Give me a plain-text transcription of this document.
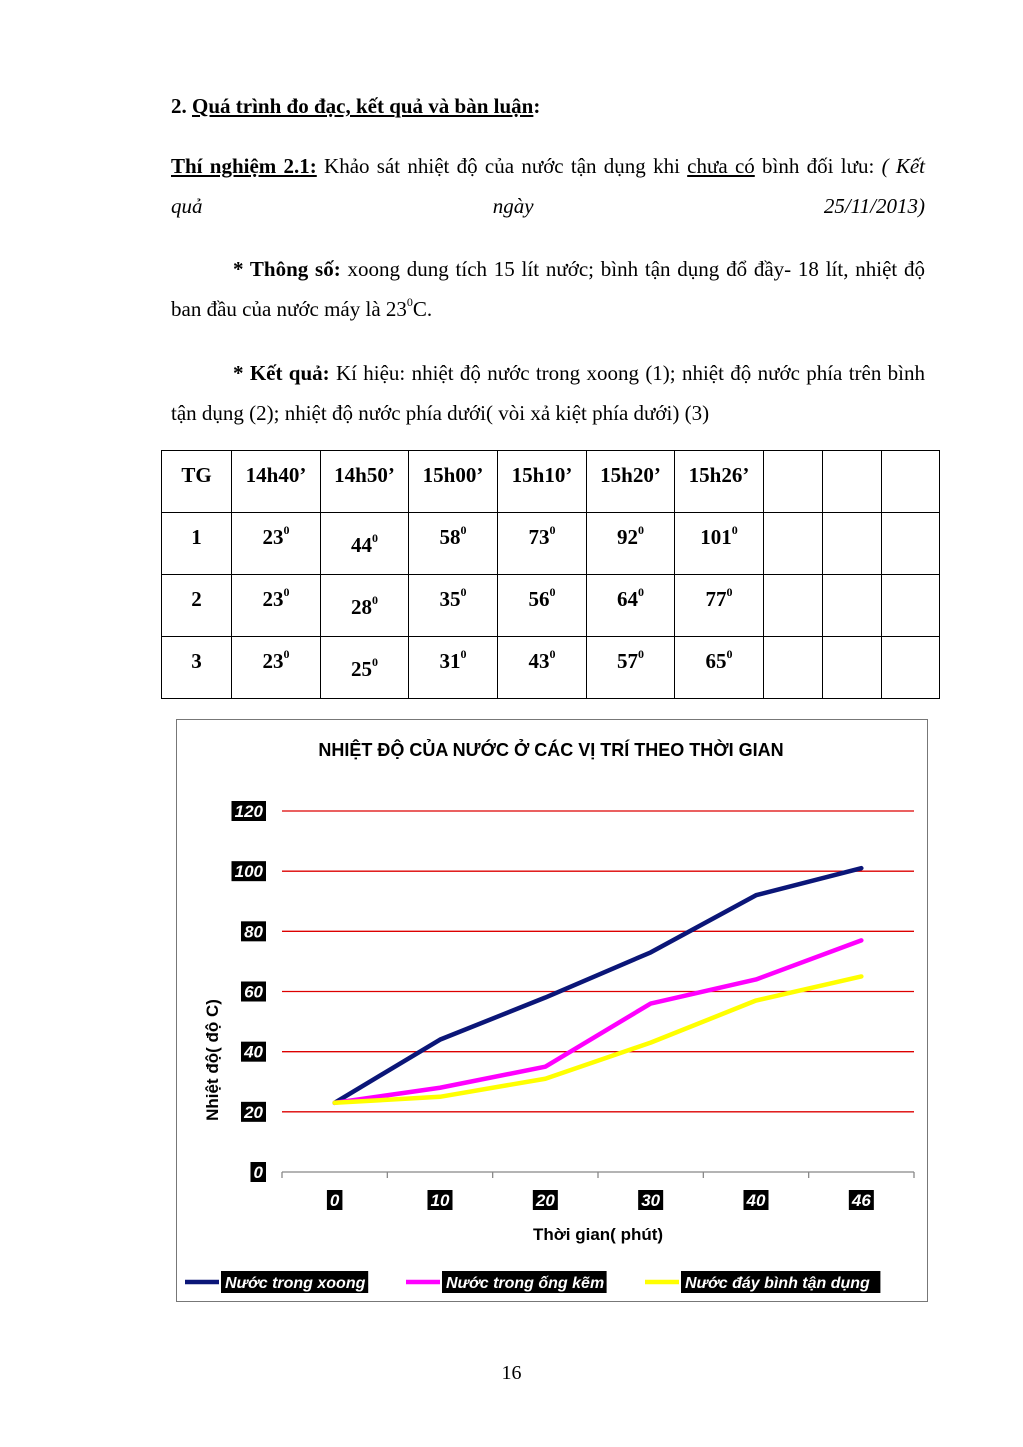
2. Quá trình đo đạc, kết quả và bàn luận:

Thí nghiệm 2.1: Khảo sát nhiệt độ của nước tận dụng khi chưa có bình đối lưu: ( Kết quả ngày 25/11/2013)

* Thông số: xoong dung tích 15 lít nước; bình tận dụng đổ đầy- 18 lít, nhiệt độ ban đầu của nước máy là $23^0C$.

* Kết quả: Kí hiệu: nhiệt độ nước trong xoong (1); nhiệt độ nước phía trên bình tận dụng (2); nhiệt độ nước phía dưới( vòi xả kiệt phía dưới) (3)

TG	14h40’	14h50’	15h00’	15h10’	15h20’	15h26’			

1	$23^0$	$44^0$	$58^0$	$73^0$	$92^0$	$101^0$

2	$23^0$	$28^0$	$35^0$	$56^0$	$64^0$	$77^0$

3	$23^0$	$25^0$	$31^0$	$43^0$	$57^0$	$65^0$

NHIỆT ĐỘ CỦA NƯỚC Ở CÁC VỊ TRÍ THEO THỜI GIAN
0
20
40
60
80
100
120
0	10	20	30	40	46
Nhiệt độ( độ C)
Thời gian( phút)
Nước trong xoong	Nước trong ống kẽm	Nước đáy bình tận dụng
16
